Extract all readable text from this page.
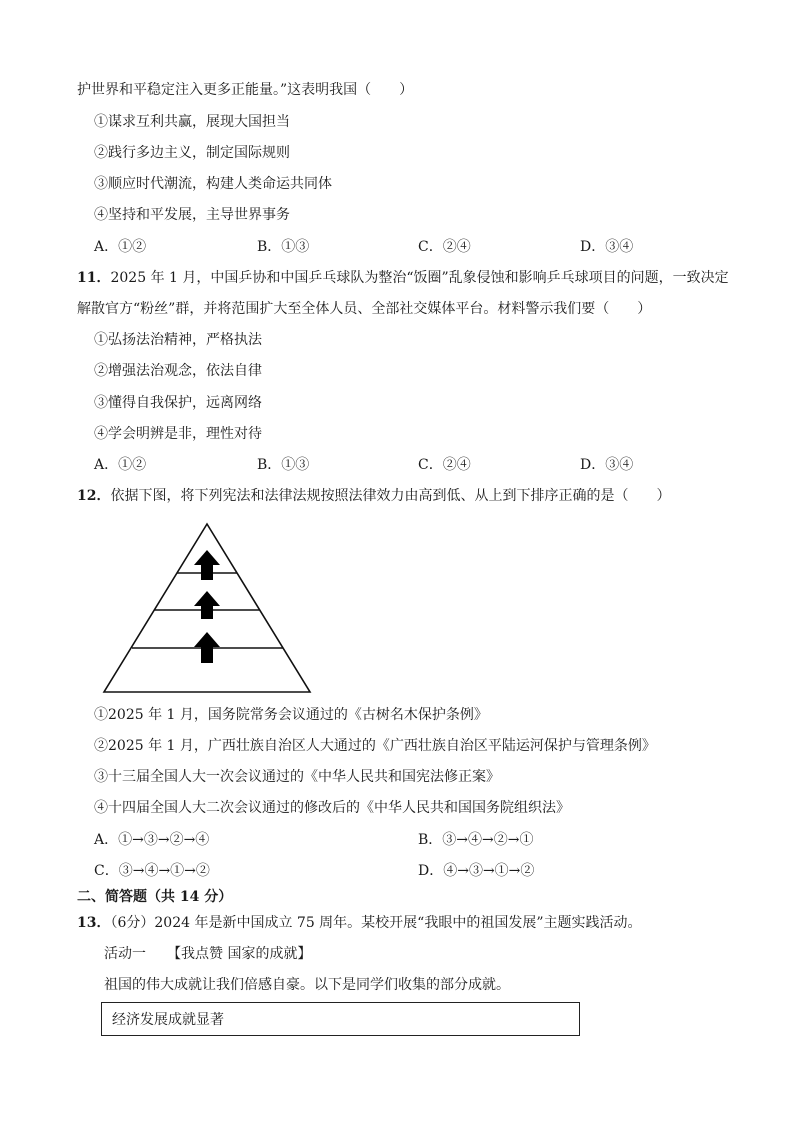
护世界和平稳定注入更多正能量。”这表明我国（　　）
①谋求互利共赢，展现大国担当
②践行多边主义，制定国际规则
③顺应时代潮流，构建人类命运共同体
④坚持和平发展，主导世界事务
A．①②	B．①③	C．②④	D．③④
11．2025 年 1 月，中国乒协和中国乒乓球队为整治“饭圈”乱象侵蚀和影响乒乓球项目的问题，一致决定
解散官方“粉丝”群，并将范围扩大至全体人员、全部社交媒体平台。材料警示我们要（　　）
①弘扬法治精神，严格执法
②增强法治观念，依法自律
③懂得自我保护，远离网络
④学会明辨是非，理性对待
A．①②	B．①③	C．②④	D．③④
12．依据下图，将下列宪法和法律法规按照法律效力由高到低、从上到下排序正确的是（　　）
①2025 年 1 月，国务院常务会议通过的《古树名木保护条例》
②2025 年 1 月，广西壮族自治区人大通过的《广西壮族自治区平陆运河保护与管理条例》
③十三届全国人大一次会议通过的《中华人民共和国宪法修正案》
④十四届全国人大二次会议通过的修改后的《中华人民共和国国务院组织法》
A．①→③→②→④	B．③→④→②→①
C．③→④→①→②	D．④→③→①→②
二、简答题（共 14 分）
13．（6分）2024 年是新中国成立 75 周年。某校开展“我眼中的祖国发展”主题实践活动。
活动一　　【我点赞 国家的成就】
祖国的伟大成就让我们倍感自豪。以下是同学们收集的部分成就。
经济发展成就显著
